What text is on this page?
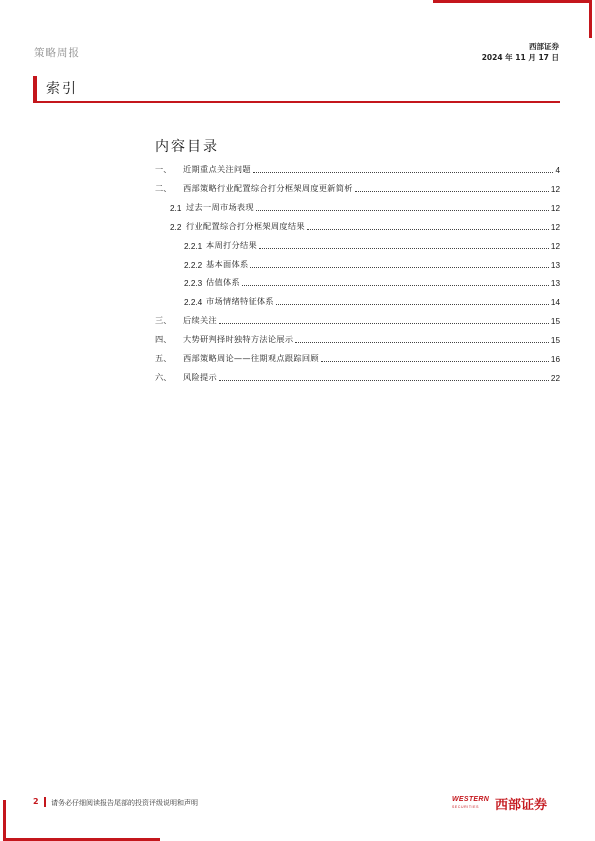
策略周报
西部证券
2024 年 11 月 17 日
索引
内容目录
一、	近期重点关注问题	4
二、	西部策略行业配置综合打分框架周度更新简析	12
2.1 过去一周市场表现	12
2.2 行业配置综合打分框架周度结果	12
2.2.1 本周打分结果	12
2.2.2 基本面体系	13
2.2.3 估值体系	13
2.2.4 市场情绪特征体系	14
三、	后续关注	15
四、	大势研判择时独特方法论展示	15
五、	西部策略周论——往期观点跟踪回顾	16
六、	风险提示	22
2 请务必仔细阅读报告尾部的投资评级说明和声明	WESTERN
SECURITIES 西部证券
